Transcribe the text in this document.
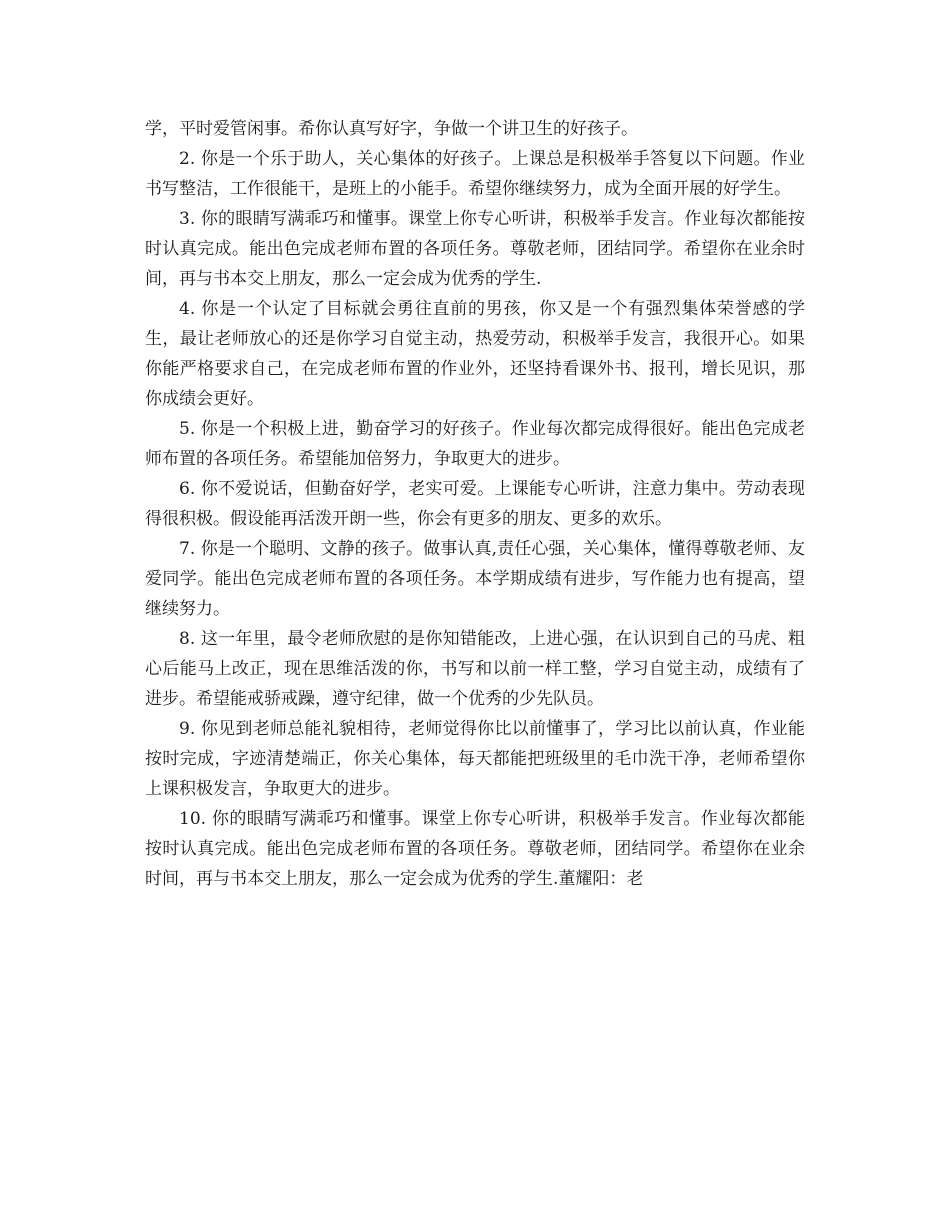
学，平时爱管闲事。希你认真写好字，争做一个讲卫生的好孩子。

2. 你是一个乐于助人，关心集体的好孩子。上课总是积极举手答复以下问题。作业书写整洁，工作很能干，是班上的小能手。希望你继续努力，成为全面开展的好学生。

3. 你的眼睛写满乖巧和懂事。课堂上你专心听讲，积极举手发言。作业每次都能按时认真完成。能出色完成老师布置的各项任务。尊敬老师，团结同学。希望你在业余时间，再与书本交上朋友，那么一定会成为优秀的学生.

4. 你是一个认定了目标就会勇往直前的男孩，你又是一个有强烈集体荣誉感的学生，最让老师放心的还是你学习自觉主动，热爱劳动，积极举手发言，我很开心。如果你能严格要求自己，在完成老师布置的作业外，还坚持看课外书、报刊，增长见识，那你成绩会更好。

5. 你是一个积极上进，勤奋学习的好孩子。作业每次都完成得很好。能出色完成老师布置的各项任务。希望能加倍努力，争取更大的进步。

6. 你不爱说话，但勤奋好学，老实可爱。上课能专心听讲，注意力集中。劳动表现得很积极。假设能再活泼开朗一些，你会有更多的朋友、更多的欢乐。

7. 你是一个聪明、文静的孩子。做事认真,责任心强，关心集体，懂得尊敬老师、友爱同学。能出色完成老师布置的各项任务。本学期成绩有进步，写作能力也有提高，望继续努力。

8. 这一年里，最令老师欣慰的是你知错能改，上进心强，在认识到自己的马虎、粗心后能马上改正，现在思维活泼的你，书写和以前一样工整，学习自觉主动，成绩有了进步。希望能戒骄戒躁，遵守纪律，做一个优秀的少先队员。

9. 你见到老师总能礼貌相待，老师觉得你比以前懂事了，学习比以前认真，作业能按时完成，字迹清楚端正，你关心集体，每天都能把班级里的毛巾洗干净，老师希望你上课积极发言，争取更大的进步。

10. 你的眼睛写满乖巧和懂事。课堂上你专心听讲，积极举手发言。作业每次都能按时认真完成。能出色完成老师布置的各项任务。尊敬老师，团结同学。希望你在业余时间，再与书本交上朋友，那么一定会成为优秀的学生.董耀阳：老
